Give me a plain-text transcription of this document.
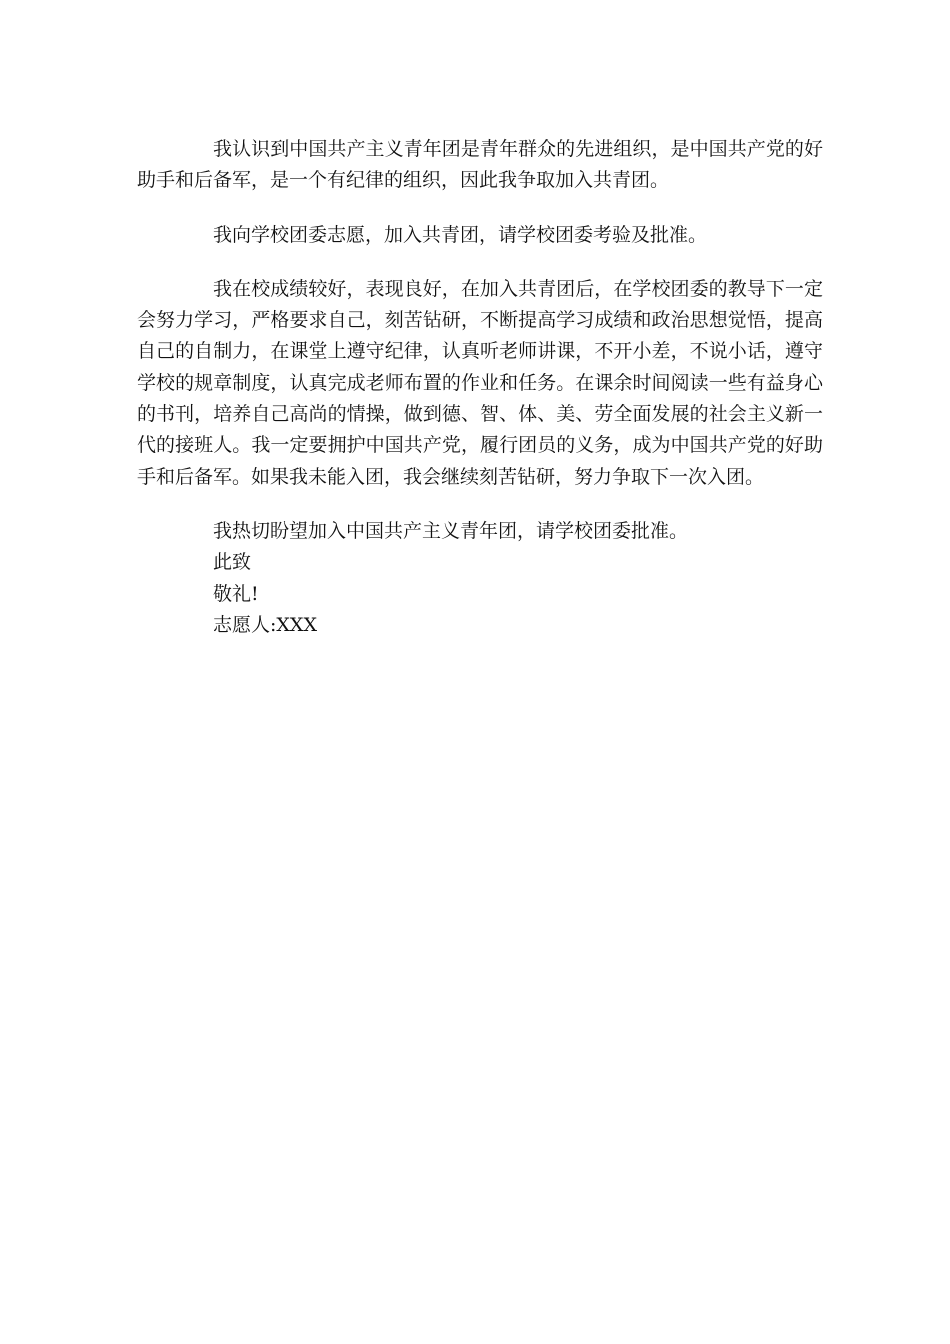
我认识到中国共产主义青年团是青年群众的先进组织，是中国共产党的好助手和后备军，是一个有纪律的组织，因此我争取加入共青团。

我向学校团委志愿，加入共青团，请学校团委考验及批准。

我在校成绩较好，表现良好，在加入共青团后，在学校团委的教导下一定会努力学习，严格要求自己，刻苦钻研，不断提高学习成绩和政治思想觉悟，提高自己的自制力，在课堂上遵守纪律，认真听老师讲课，不开小差，不说小话，遵守学校的规章制度，认真完成老师布置的作业和任务。在课余时间阅读一些有益身心的书刊，培养自己高尚的情操，做到德、智、体、美、劳全面发展的社会主义新一代的接班人。我一定要拥护中国共产党，履行团员的义务，成为中国共产党的好助手和后备军。如果我未能入团，我会继续刻苦钻研，努力争取下一次入团。

我热切盼望加入中国共产主义青年团，请学校团委批准。

此致

敬礼!

志愿人:XXX
